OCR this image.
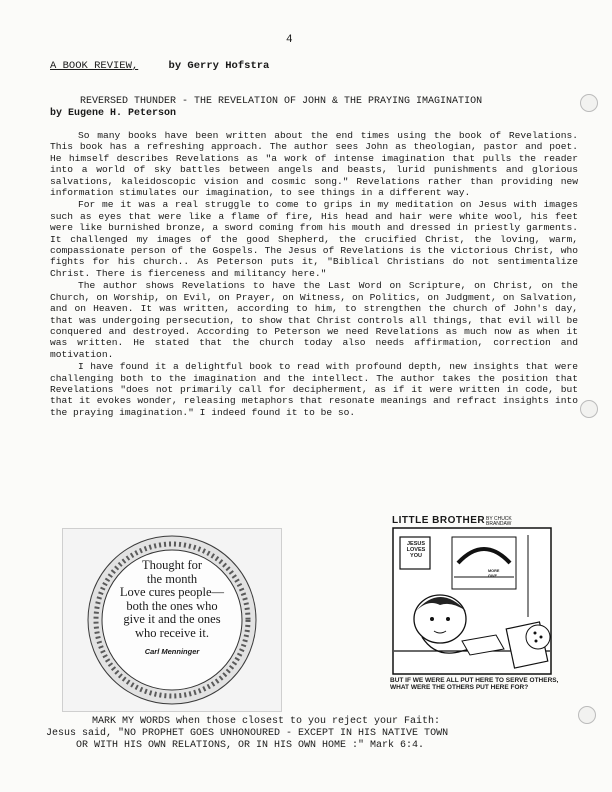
4
A BOOK REVIEW,	by Gerry Hofstra
REVERSED THUNDER - THE REVELATION OF JOHN & THE PRAYING IMAGINATION
by Eugene H. Peterson

So many books have been written about the end times using the book of Revelations. This book has a refreshing approach. The author sees John as theologian, pastor and poet. He himself describes Revelations as "a work of intense imagination that pulls the reader into a world of sky battles between angels and beasts, lurid punishments and glorious salvations, kaleidoscopic vision and cosmic song." Revelations rather than providing new information stimulates our imagination, to see things in a different way.

For me it was a real struggle to come to grips in my meditation on Jesus with images such as eyes that were like a flame of fire, His head and hair were white wool, his feet were like burnished bronze, a sword coming from his mouth and dressed in priestly garments. It challenged my images of the good Shepherd, the crucified Christ, the loving, warm, compassionate person of the Gospels. The Jesus of Revelations is the victorious Christ, who fights for his church.. As Peterson puts it, "Biblical Christians do not sentimentalize Christ. There is fierceness and militancy here."

The author shows Revelations to have the Last Word on Scripture, on Christ, on the Church, on Worship, on Evil, on Prayer, on Witness, on Politics, on Judgment, on Salvation, and on Heaven. It was written, according to him, to strengthen the church of John's day, that was undergoing persecution, to show that Christ controls all things, that evil will be conquered and destroyed. According to Peterson we need Revelations as much now as when it was written. He stated that the church today also needs affirmation, correction and motivation.

I have found it a delightful book to read with profound depth, new insights that were challenging both to the imagination and the intellect. The author takes the position that Revelations "does not primarily call for decipherment, as if it were written in code, but that it evokes wonder, releasing metaphors that resonate meanings and refract insights into the praying imagination." I indeed found it to be so.

Thought for
the month
Love cures people—
both the ones who
give it and the ones
who receive it.
Carl Menninger
LITTLE BROTHER BY CHUCK
BRANDAW
JESUS
LOVES
YOU
MORE
GIVE
BUT IF WE WERE ALL PUT HERE TO SERVE OTHERS, WHAT WERE THE OTHERS PUT HERE FOR?
MARK MY WORDS when those closest to you reject your Faith:
Jesus said, "NO PROPHET GOES UNHONOURED - EXCEPT IN HIS NATIVE TOWN
OR WITH HIS OWN RELATIONS, OR IN HIS OWN HOME :" Mark 6:4.
